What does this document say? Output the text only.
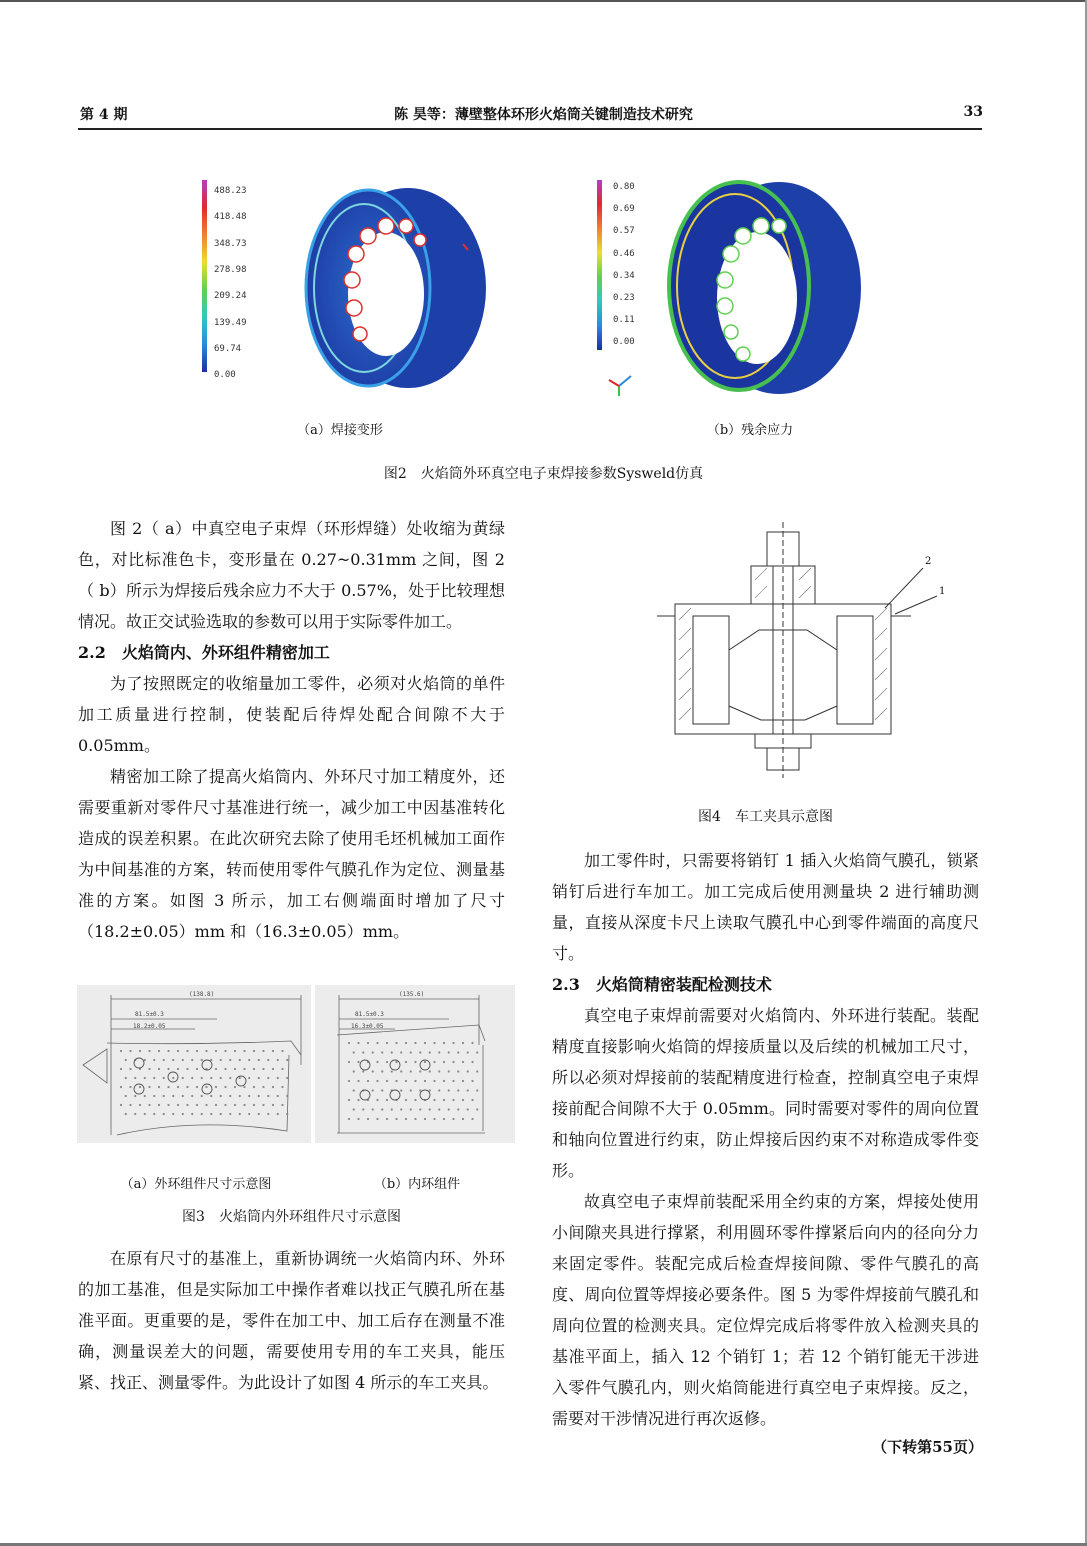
陈 昊等：薄壁整体环形火焰筒关键制造技术研究
第 4 期	33
488.23
418.48
348.73
278.98
209.24
139.49
69.74
0.00
0.80
0.69
0.57
0.46
0.34
0.23
0.11
0.00
（a）焊接变形	（b）残余应力
图2　火焰筒外环真空电子束焊接参数Sysweld仿真

图 2（ a）中真空电子束焊（环形焊缝）处收缩为黄绿色，对比标准色卡，变形量在 0.27~0.31mm 之间，图 2（ b）所示为焊接后残余应力不大于 0.57%，处于比较理想情况。故正交试验选取的参数可以用于实际零件加工。

2.2　火焰筒内、外环组件精密加工

为了按照既定的收缩量加工零件，必须对火焰筒的单件加工质量进行控制，使装配后待焊处配合间隙不大于 0.05mm。

精密加工除了提高火焰筒内、外环尺寸加工精度外，还需要重新对零件尺寸基准进行统一，减少加工中因基准转化造成的误差积累。在此次研究去除了使用毛坯机械加工面作为中间基准的方案，转而使用零件气膜孔作为定位、测量基准的方案。如图 3 所示，加工右侧端面时增加了尺寸（18.2±0.05）mm 和（16.3±0.05）mm。

(138.8)
81.5±0.3
18.2±0.05
(135.6)
81.5±0.3
16.3±0.05
（a）外环组件尺寸示意图	（b）内环组件
图3　火焰筒内外环组件尺寸示意图

在原有尺寸的基准上，重新协调统一火焰筒内环、外环的加工基准，但是实际加工中操作者难以找正气膜孔所在基准平面。更重要的是，零件在加工中、加工后存在测量不准确，测量误差大的问题，需要使用专用的车工夹具，能压紧、找正、测量零件。为此设计了如图 4 所示的车工夹具。

2
1
图4　车工夹具示意图

加工零件时，只需要将销钉 1 插入火焰筒气膜孔，锁紧销钉后进行车加工。加工完成后使用测量块 2 进行辅助测量，直接从深度卡尺上读取气膜孔中心到零件端面的高度尺寸。

2.3　火焰筒精密装配检测技术

真空电子束焊前需要对火焰筒内、外环进行装配。装配精度直接影响火焰筒的焊接质量以及后续的机械加工尺寸，所以必须对焊接前的装配精度进行检查，控制真空电子束焊接前配合间隙不大于 0.05mm。同时需要对零件的周向位置和轴向位置进行约束，防止焊接后因约束不对称造成零件变形。

故真空电子束焊前装配采用全约束的方案，焊接处使用小间隙夹具进行撑紧，利用圆环零件撑紧后向内的径向分力来固定零件。装配完成后检查焊接间隙、零件气膜孔的高度、周向位置等焊接必要条件。图 5 为零件焊接前气膜孔和周向位置的检测夹具。定位焊完成后将零件放入检测夹具的基准平面上，插入 12 个销钉 1；若 12 个销钉能无干涉进入零件气膜孔内，则火焰筒能进行真空电子束焊接。反之，需要对干涉情况进行再次返修。

（下转第55页）
